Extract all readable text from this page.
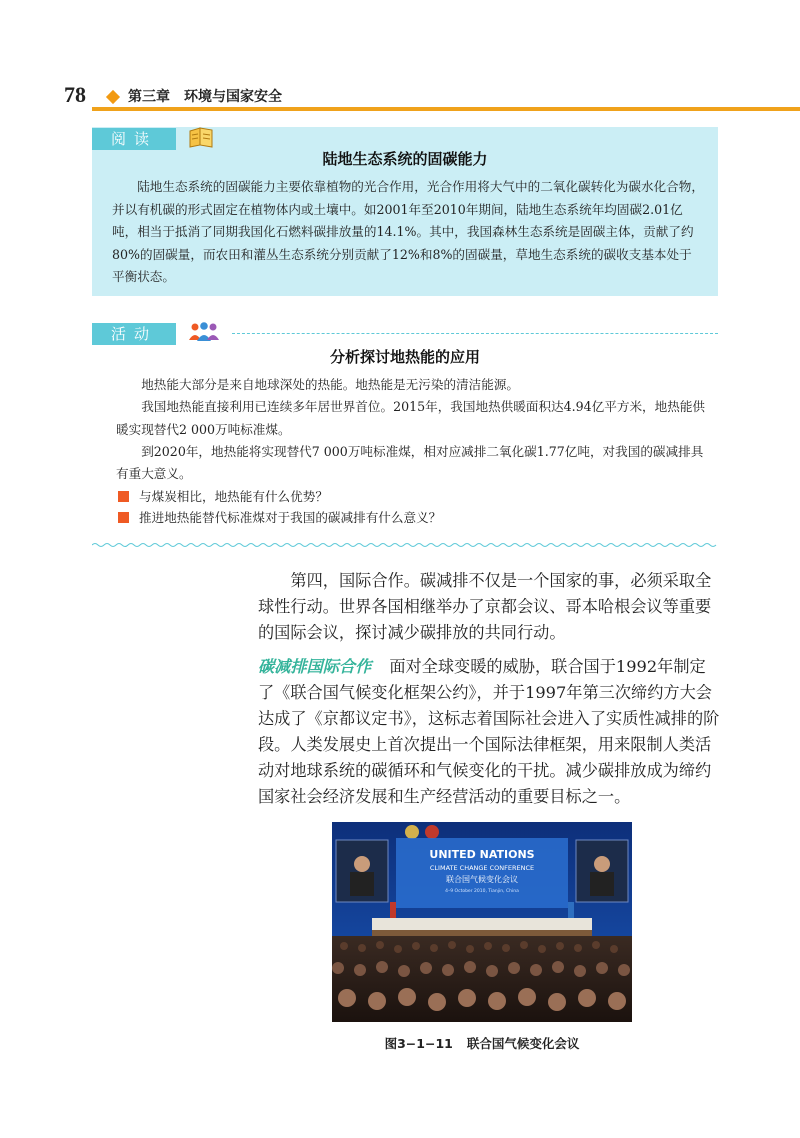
78	第三章　环境与国家安全
阅读
陆地生态系统的固碳能力

陆地生态系统的固碳能力主要依靠植物的光合作用，光合作用将大气中的二氧化碳转化为碳水化合物，并以有机碳的形式固定在植物体内或土壤中。如2001年至2010年期间，陆地生态系统年均固碳2.01亿吨，相当于抵消了同期我国化石燃料碳排放量的14.1%。其中，我国森林生态系统是固碳主体，贡献了约80%的固碳量，而农田和灌丛生态系统分别贡献了12%和8%的固碳量，草地生态系统的碳收支基本处于平衡状态。

活动
分析探讨地热能的应用

地热能大部分是来自地球深处的热能。地热能是无污染的清洁能源。

我国地热能直接利用已连续多年居世界首位。2015年，我国地热供暖面积达4.94亿平方米，地热能供暖实现替代2 000万吨标准煤。

到2020年，地热能将实现替代7 000万吨标准煤，相对应减排二氧化碳1.77亿吨，对我国的碳减排具有重大意义。

与煤炭相比，地热能有什么优势？
推进地热能替代标准煤对于我国的碳减排有什么意义？

第四，国际合作。碳减排不仅是一个国家的事，必须采取全球性行动。世界各国相继举办了京都会议、哥本哈根会议等重要的国际会议，探讨减少碳排放的共同行动。

碳减排国际合作 面对全球变暖的威胁，联合国于1992年制定了《联合国气候变化框架公约》，并于1997年第三次缔约方大会达成了《京都议定书》，这标志着国际社会进入了实质性减排的阶段。人类发展史上首次提出一个国际法律框架，用来限制人类活动对地球系统的碳循环和气候变化的干扰。减少碳排放成为缔约国家社会经济发展和生产经营活动的重要目标之一。

UNITED NATIONS
CLIMATE CHANGE CONFERENCE
联合国气候变化会议
4–9 October 2010, Tianjin, China
图3−1−11 联合国气候变化会议
